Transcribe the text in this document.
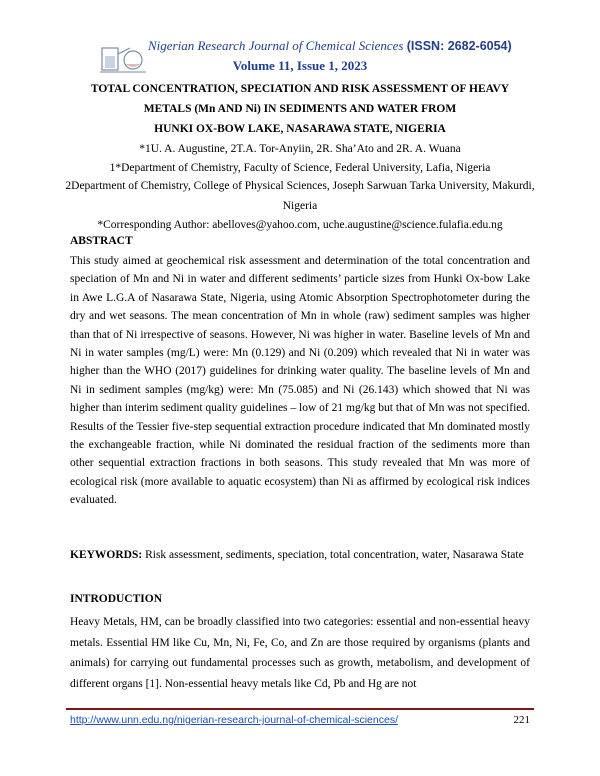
Nigerian Research Journal of Chemical Sciences (ISSN: 2682-6054)
Volume 11, Issue 1, 2023
TOTAL CONCENTRATION, SPECIATION AND RISK ASSESSMENT OF HEAVY
METALS (Mn AND Ni) IN SEDIMENTS AND WATER FROM
HUNKI OX-BOW LAKE, NASARAWA STATE, NIGERIA
*1U. A. Augustine, 2T.A. Tor-Anyiin, 2R. Sha’Ato and 2R. A. Wuana
1*Department of Chemistry, Faculty of Science, Federal University, Lafia, Nigeria
2Department of Chemistry, College of Physical Sciences, Joseph Sarwuan Tarka University, Makurdi, Nigeria
*Corresponding Author: abelloves@yahoo.com, uche.augustine@science.fulafia.edu.ng
ABSTRACT
This study aimed at geochemical risk assessment and determination of the total concentration and speciation of Mn and Ni in water and different sediments’ particle sizes from Hunki Ox-bow Lake in Awe L.G.A of Nasarawa State, Nigeria, using Atomic Absorption Spectrophotometer during the dry and wet seasons. The mean concentration of Mn in whole (raw) sediment samples was higher than that of Ni irrespective of seasons. However, Ni was higher in water. Baseline levels of Mn and Ni in water samples (mg/L) were: Mn (0.129) and Ni (0.209) which revealed that Ni in water was higher than the WHO (2017) guidelines for drinking water quality. The baseline levels of Mn and Ni in sediment samples (mg/kg) were: Mn (75.085) and Ni (26.143) which showed that Ni was higher than interim sediment quality guidelines – low of 21 mg/kg but that of Mn was not specified. Results of the Tessier five-step sequential extraction procedure indicated that Mn dominated mostly the exchangeable fraction, while Ni dominated the residual fraction of the sediments more than other sequential extraction fractions in both seasons. This study revealed that Mn was more of ecological risk (more available to aquatic ecosystem) than Ni as affirmed by ecological risk indices evaluated.
KEYWORDS: Risk assessment, sediments, speciation, total concentration, water, Nasarawa State
INTRODUCTION
Heavy Metals, HM, can be broadly classified into two categories: essential and non-essential heavy metals. Essential HM like Cu, Mn, Ni, Fe, Co, and Zn are those required by organisms (plants and animals) for carrying out fundamental processes such as growth, metabolism, and development of different organs [1]. Non-essential heavy metals like Cd, Pb and Hg are not
http://www.unn.edu.ng/nigerian-research-journal-of-chemical-sciences/	221
